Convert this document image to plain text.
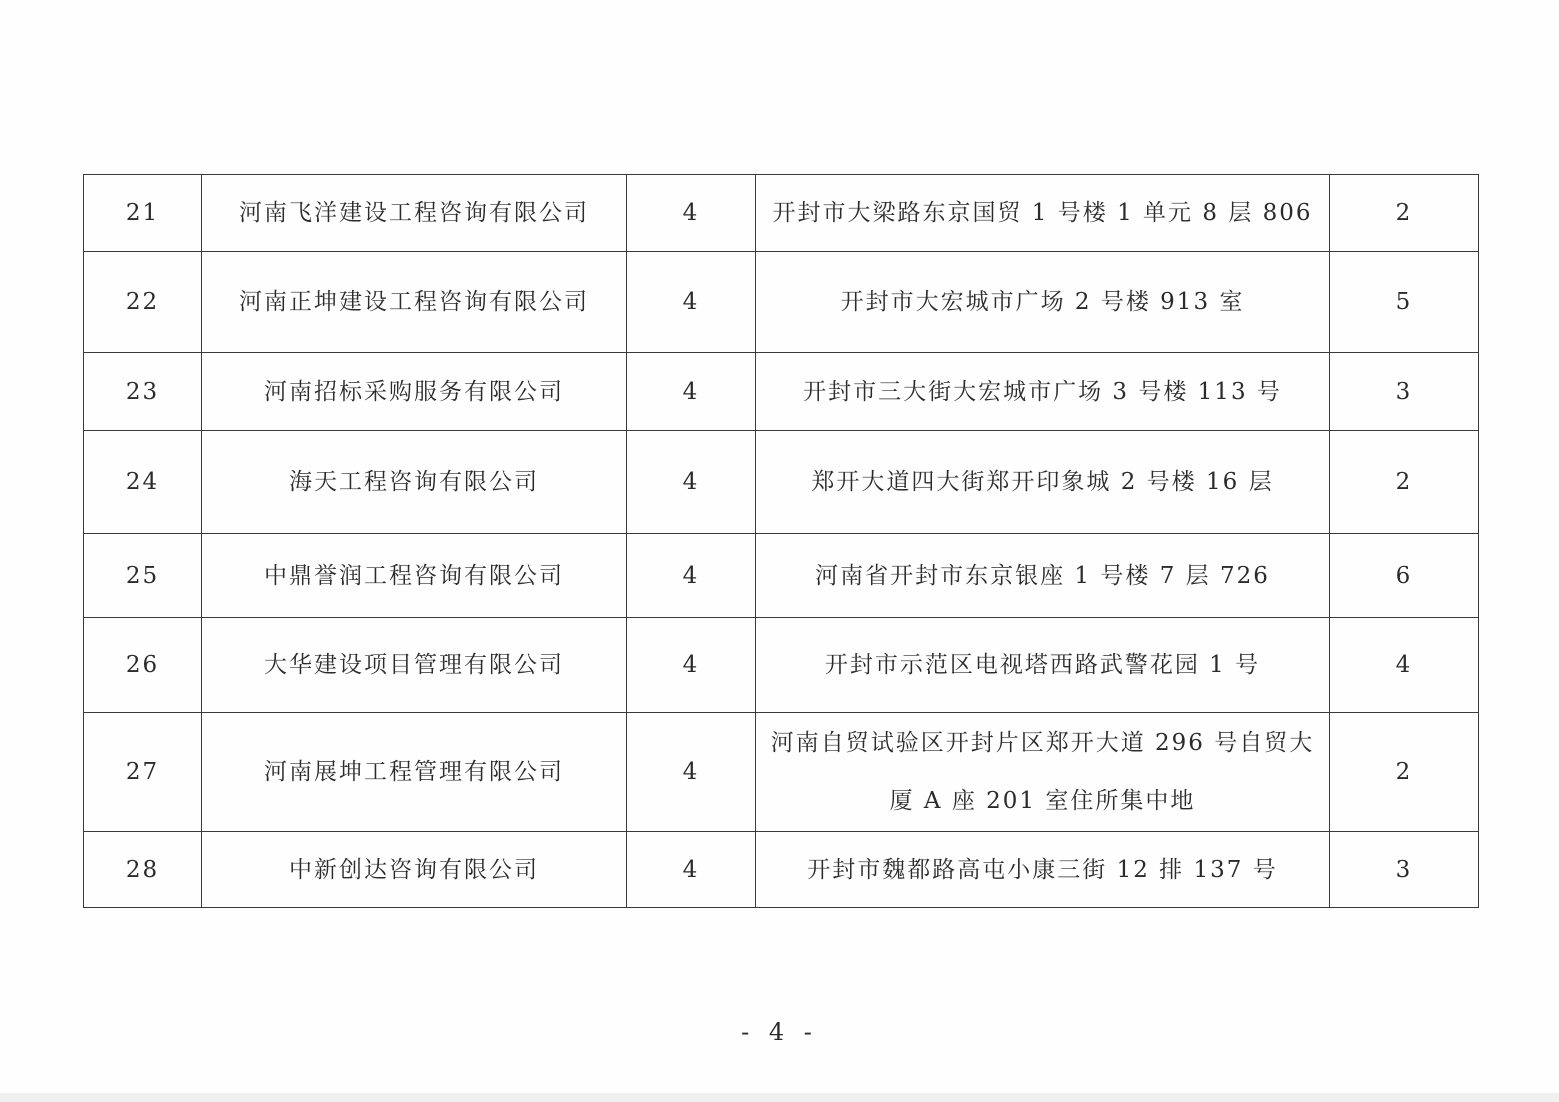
21	河南飞洋建设工程咨询有限公司	4	开封市大梁路东京国贸 1 号楼 1 单元 8 层 806	2
22	河南正坤建设工程咨询有限公司	4	开封市大宏城市广场 2 号楼 913 室	5
23	河南招标采购服务有限公司	4	开封市三大街大宏城市广场 3 号楼 113 号	3
24	海天工程咨询有限公司	4	郑开大道四大街郑开印象城 2 号楼 16 层	2
25	中鼎誉润工程咨询有限公司	4	河南省开封市东京银座 1 号楼 7 层 726	6
26	大华建设项目管理有限公司	4	开封市示范区电视塔西路武警花园 1 号	4
27	河南展坤工程管理有限公司	4	河南自贸试验区开封片区郑开大道 296 号自贸大
厦 A 座 201 室住所集中地	2
28	中新创达咨询有限公司	4	开封市魏都路高屯小康三街 12 排 137 号	3
- 4 -
